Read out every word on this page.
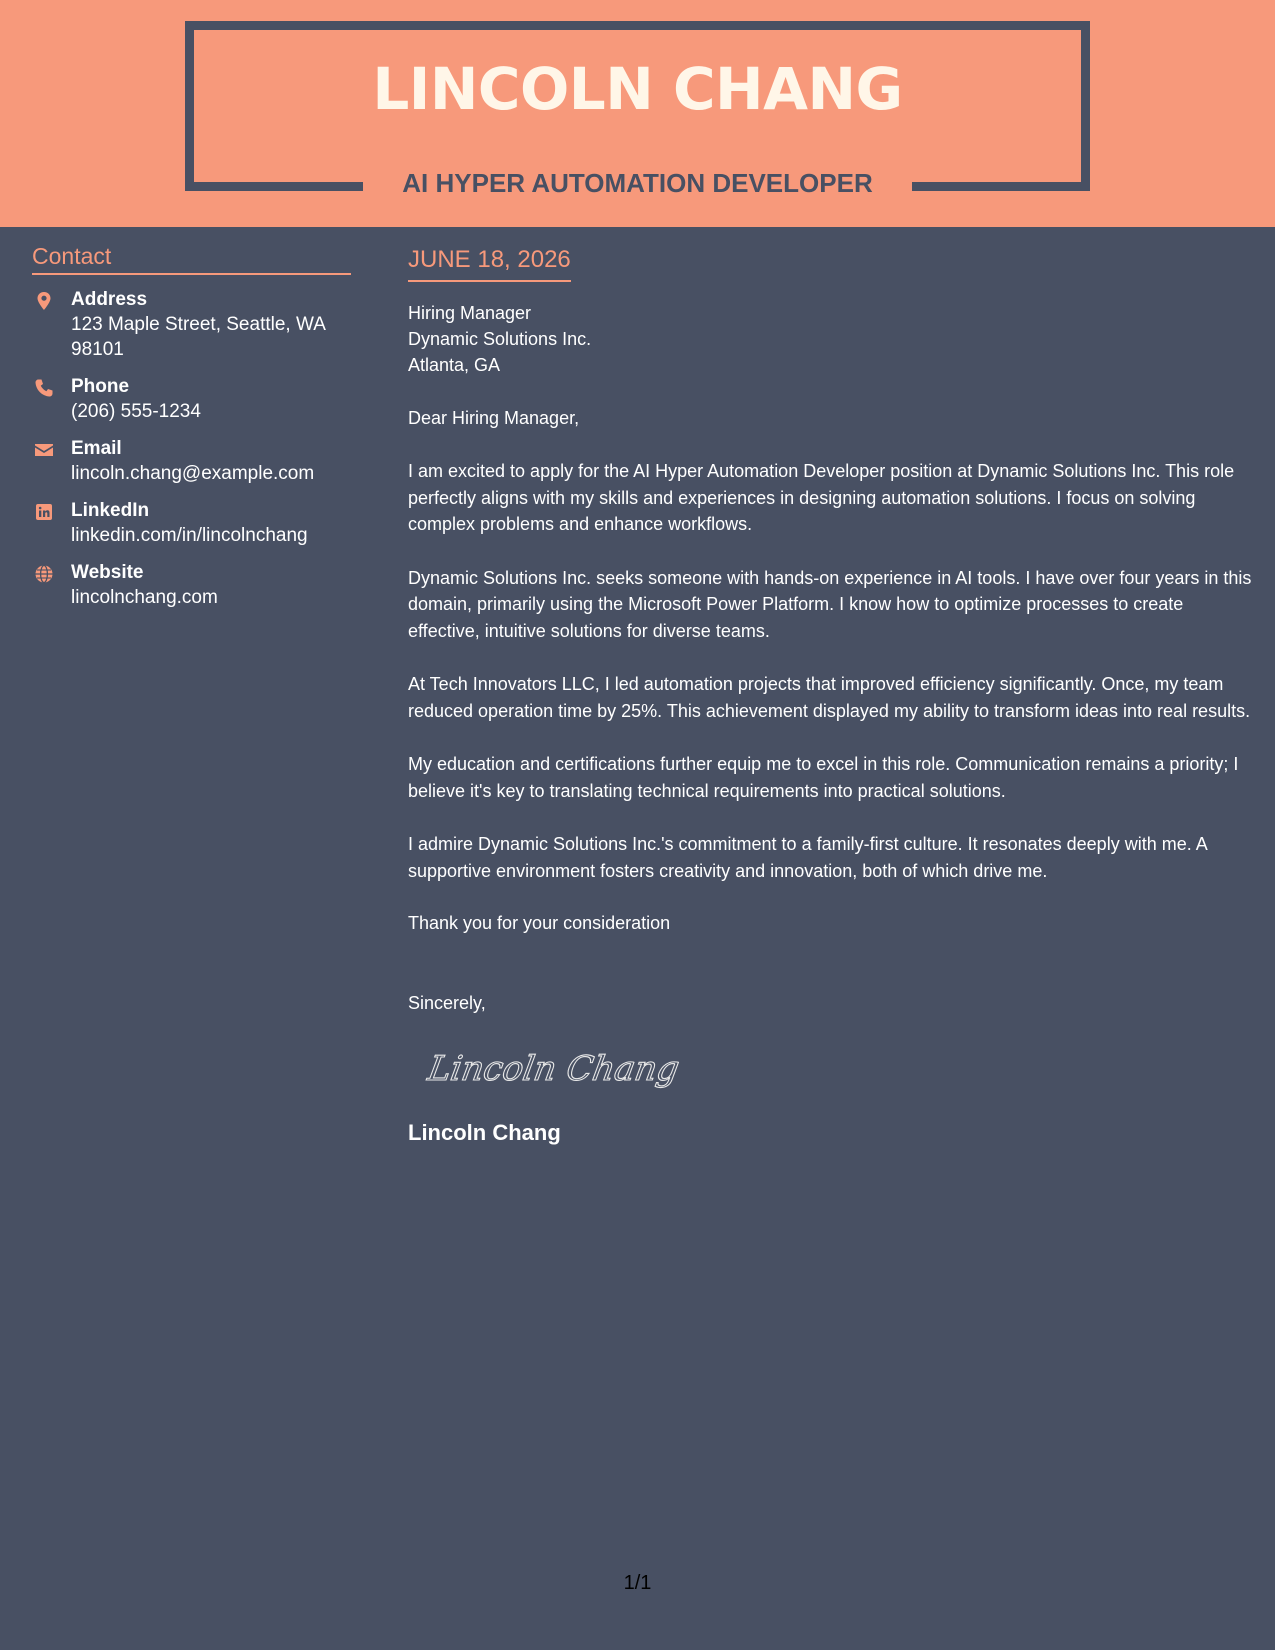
LINCOLN CHANG
AI HYPER AUTOMATION DEVELOPER
Contact
Address
123 Maple Street, Seattle, WA 98101
Phone
(206) 555-1234
Email
lincoln.chang@example.com
LinkedIn
linkedin.com/in/lincolnchang
Website
lincolnchang.com
JUNE 18, 2026
Hiring Manager
Dynamic Solutions Inc.
Atlanta, GA

Dear Hiring Manager,

I am excited to apply for the AI Hyper Automation Developer position at Dynamic Solutions Inc. This role perfectly aligns with my skills and experiences in designing automation solutions. I focus on solving complex problems and enhance workflows.

Dynamic Solutions Inc. seeks someone with hands-on experience in AI tools. I have over four years in this domain, primarily using the Microsoft Power Platform. I know how to optimize processes to create effective, intuitive solutions for diverse teams.

At Tech Innovators LLC, I led automation projects that improved efficiency significantly. Once, my team reduced operation time by 25%. This achievement displayed my ability to transform ideas into real results.

My education and certifications further equip me to excel in this role. Communication remains a priority; I believe it's key to translating technical requirements into practical solutions.

I admire Dynamic Solutions Inc.'s commitment to a family-first culture. It resonates deeply with me. A supportive environment fosters creativity and innovation, both of which drive me.

Thank you for your consideration

Sincerely,

Lincoln Chang
Lincoln Chang
1/1
